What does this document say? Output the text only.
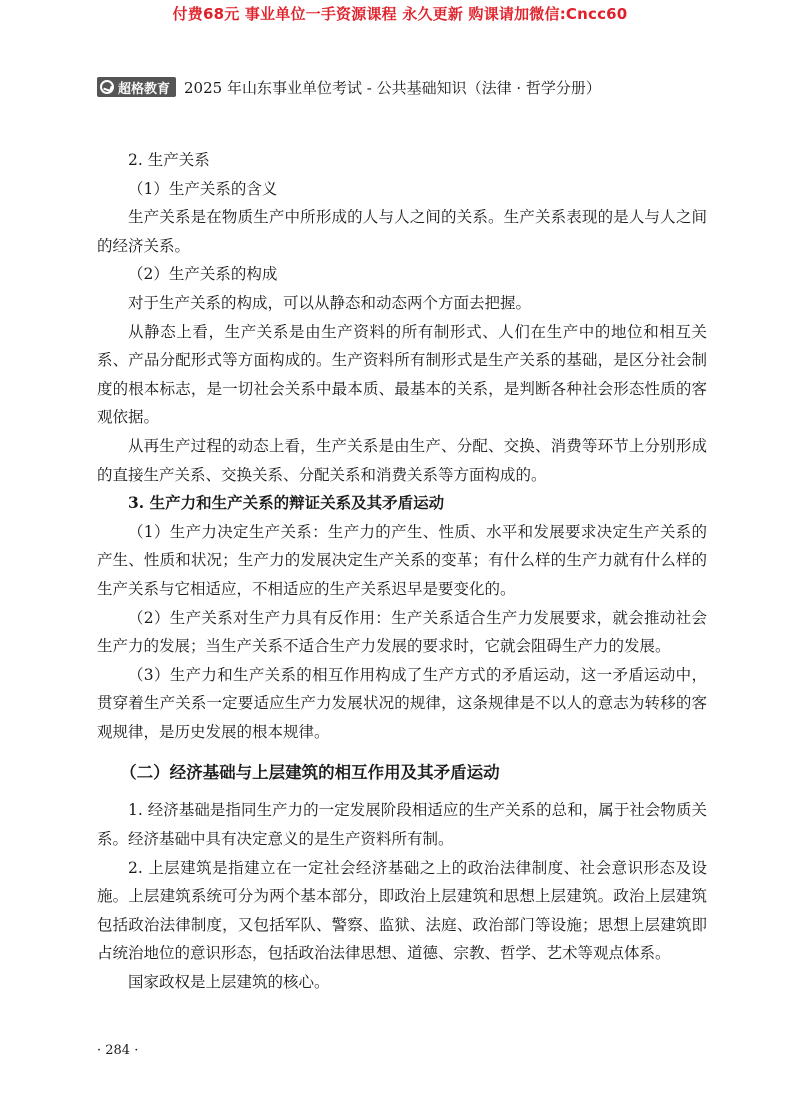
付费68元 事业单位一手资源课程 永久更新 购课请加微信:Cncc60
超格教育 2025 年山东事业单位考试 - 公共基础知识（法律 · 哲学分册）

2. 生产关系

（1）生产关系的含义

生产关系是在物质生产中所形成的人与人之间的关系。生产关系表现的是人与人之间的经济关系。

（2）生产关系的构成

对于生产关系的构成，可以从静态和动态两个方面去把握。

从静态上看，生产关系是由生产资料的所有制形式、人们在生产中的地位和相互关系、产品分配形式等方面构成的。生产资料所有制形式是生产关系的基础，是区分社会制度的根本标志，是一切社会关系中最本质、最基本的关系，是判断各种社会形态性质的客观依据。

从再生产过程的动态上看，生产关系是由生产、分配、交换、消费等环节上分别形成的直接生产关系、交换关系、分配关系和消费关系等方面构成的。

3. 生产力和生产关系的辩证关系及其矛盾运动

（1）生产力决定生产关系：生产力的产生、性质、水平和发展要求决定生产关系的产生、性质和状况；生产力的发展决定生产关系的变革；有什么样的生产力就有什么样的生产关系与它相适应，不相适应的生产关系迟早是要变化的。

（2）生产关系对生产力具有反作用：生产关系适合生产力发展要求，就会推动社会生产力的发展；当生产关系不适合生产力发展的要求时，它就会阻碍生产力的发展。

（3）生产力和生产关系的相互作用构成了生产方式的矛盾运动，这一矛盾运动中，贯穿着生产关系一定要适应生产力发展状况的规律，这条规律是不以人的意志为转移的客观规律，是历史发展的根本规律。

（二）经济基础与上层建筑的相互作用及其矛盾运动

1. 经济基础是指同生产力的一定发展阶段相适应的生产关系的总和，属于社会物质关系。经济基础中具有决定意义的是生产资料所有制。

2. 上层建筑是指建立在一定社会经济基础之上的政治法律制度、社会意识形态及设施。上层建筑系统可分为两个基本部分，即政治上层建筑和思想上层建筑。政治上层建筑包括政治法律制度，又包括军队、警察、监狱、法庭、政治部门等设施；思想上层建筑即占统治地位的意识形态，包括政治法律思想、道德、宗教、哲学、艺术等观点体系。

国家政权是上层建筑的核心。

· 284 ·
